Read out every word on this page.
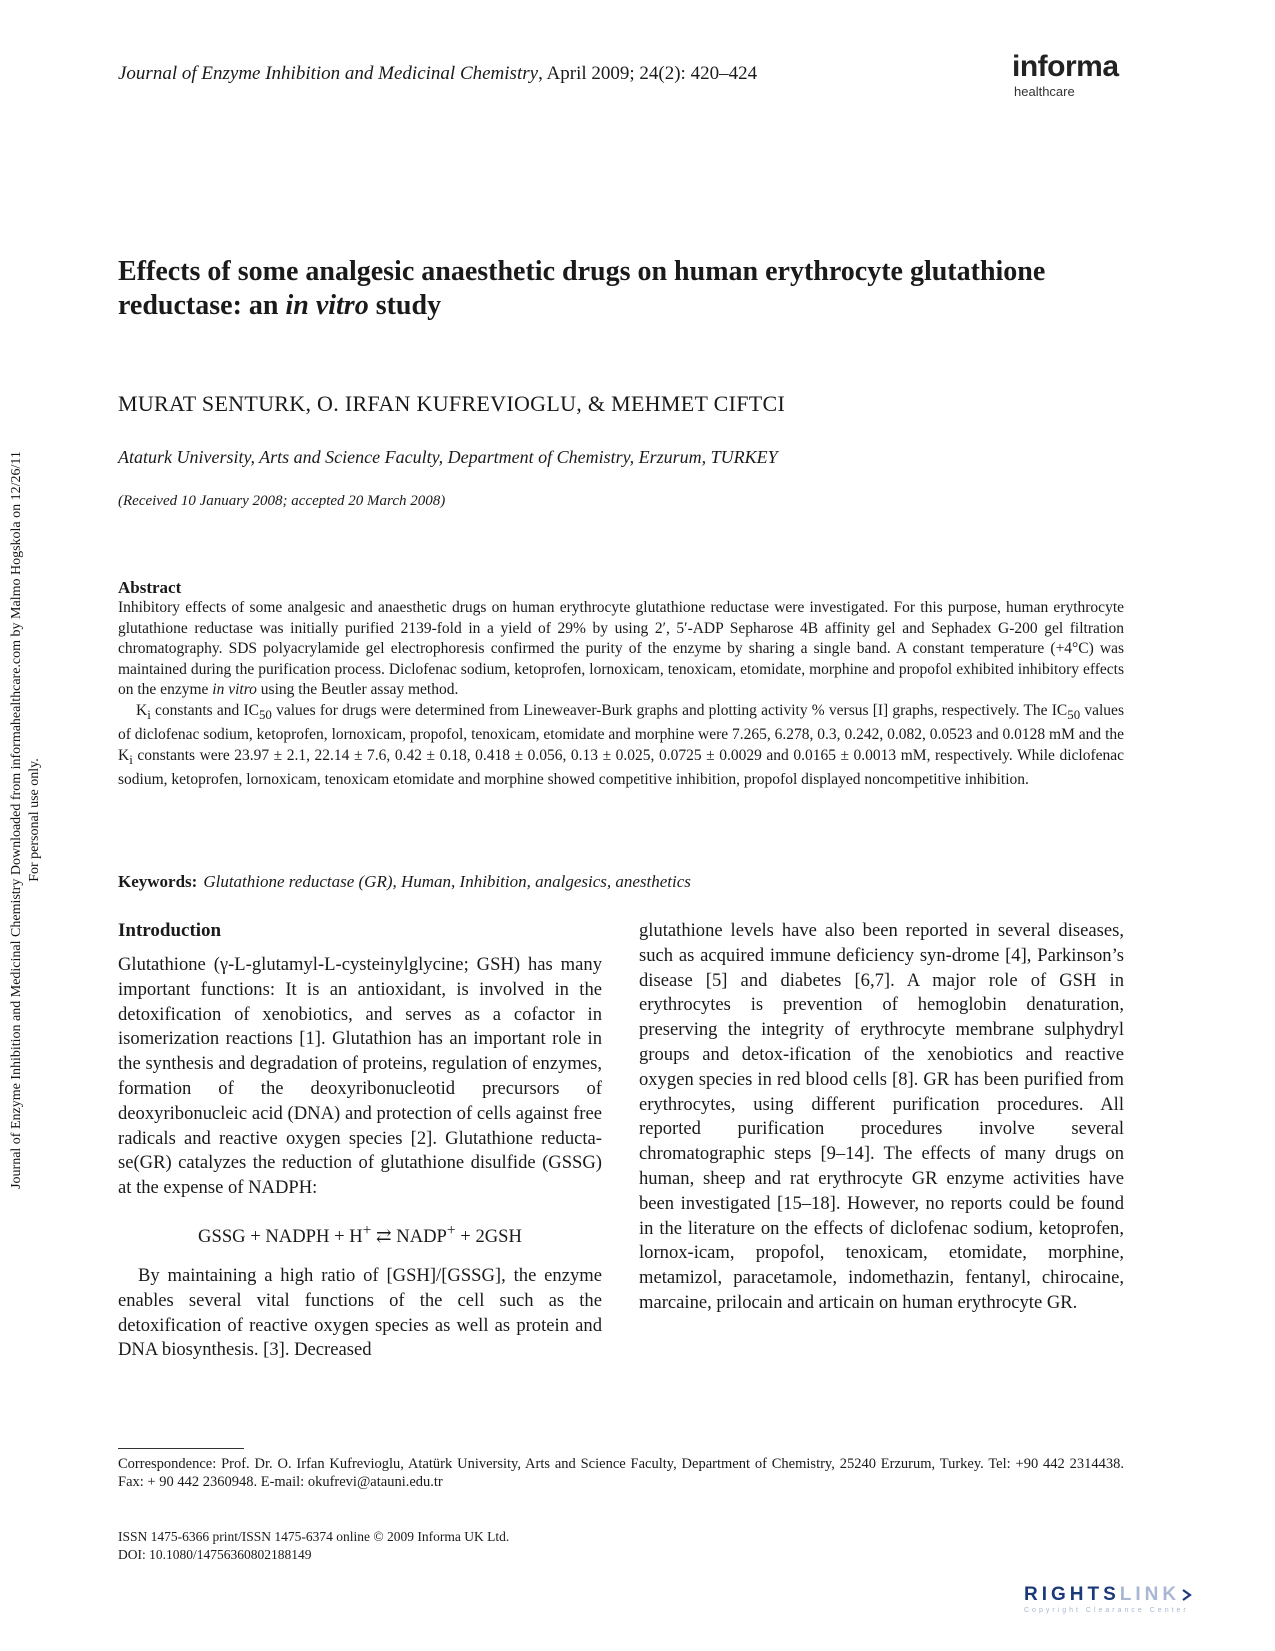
Journal of Enzyme Inhibition and Medicinal Chemistry, April 2009; 24(2): 420–424	informa
healthcare
Journal of Enzyme Inhibition and Medicinal Chemistry Downloaded from informahealthcare.com by Malmo Hogskola on 12/26/11 For personal use only.
Effects of some analgesic anaesthetic drugs on human erythrocyte glutathione reductase: an in vitro study
MURAT SENTURK, O. IRFAN KUFREVIOGLU, & MEHMET CIFTCI
Ataturk University, Arts and Science Faculty, Department of Chemistry, Erzurum, TURKEY
(Received 10 January 2008; accepted 20 March 2008)
Abstract

Inhibitory effects of some analgesic and anaesthetic drugs on human erythrocyte glutathione reductase were investigated. For this purpose, human erythrocyte glutathione reductase was initially purified 2139-fold in a yield of 29% by using 2′, 5′-ADP Sepharose 4B affinity gel and Sephadex G-200 gel filtration chromatography. SDS polyacrylamide gel electrophoresis confirmed the purity of the enzyme by sharing a single band. A constant temperature (+4°C) was maintained during the purification process. Diclofenac sodium, ketoprofen, lornoxicam, tenoxicam, etomidate, morphine and propofol exhibited inhibitory effects on the enzyme in vitro using the Beutler assay method.

$K_i$ constants and $IC_{50}$ values for drugs were determined from Lineweaver-Burk graphs and plotting activity % versus [I] graphs, respectively. The $IC_{50}$ values of diclofenac sodium, ketoprofen, lornoxicam, propofol, tenoxicam, etomidate and morphine were 7.265, 6.278, 0.3, 0.242, 0.082, 0.0523 and 0.0128 mM and the $K_i$ constants were 23.97 ± 2.1, 22.14 ± 7.6, 0.42 ± 0.18, 0.418 ± 0.056, 0.13 ± 0.025, 0.0725 ± 0.0029 and 0.0165 ± 0.0013 mM, respectively. While diclofenac sodium, ketoprofen, lornoxicam, tenoxicam etomidate and morphine showed competitive inhibition, propofol displayed noncompetitive inhibition.

Keywords: Glutathione reductase (GR), Human, Inhibition, analgesics, anesthetics

Introduction

Glutathione (γ-L-glutamyl-L-cysteinylglycine; GSH) has many important functions: It is an antioxidant, is involved in the detoxification of xenobiotics, and serves as a cofactor in isomerization reactions [1]. Glutathion has an important role in the synthesis and degradation of proteins, regulation of enzymes, formation of the deoxyribonucleotid precursors of deoxyribonucleic acid (DNA) and protection of cells against free radicals and reactive oxygen species [2]. Glutathione reducta-se(GR) catalyzes the reduction of glutathione disulfide (GSSG) at the expense of NADPH:

GSSG + NADPH + H+ ⇄ NADP+ + 2GSH

By maintaining a high ratio of [GSH]/[GSSG], the enzyme enables several vital functions of the cell such as the detoxification of reactive oxygen species as well as protein and DNA biosynthesis. [3]. Decreased

glutathione levels have also been reported in several diseases, such as acquired immune deficiency syn-drome [4], Parkinson’s disease [5] and diabetes [6,7]. A major role of GSH in erythrocytes is prevention of hemoglobin denaturation, preserving the integrity of erythrocyte membrane sulphydryl groups and detox-ification of the xenobiotics and reactive oxygen species in red blood cells [8]. GR has been purified from erythrocytes, using different purification procedures. All reported purification procedures involve several chromatographic steps [9–14]. The effects of many drugs on human, sheep and rat erythrocyte GR enzyme activities have been investigated [15–18]. However, no reports could be found in the literature on the effects of diclofenac sodium, ketoprofen, lornox-icam, propofol, tenoxicam, etomidate, morphine, metamizol, paracetamole, indomethazin, fentanyl, chirocaine, marcaine, prilocain and articain on human erythrocyte GR.

Correspondence: Prof. Dr. O. Irfan Kufrevioglu, Atatürk University, Arts and Science Faculty, Department of Chemistry, 25240 Erzurum, Turkey. Tel: +90 442 2314438. Fax: + 90 442 2360948. E-mail: okufrevi@atauni.edu.tr
ISSN 1475-6366 print/ISSN 1475-6374 online © 2009 Informa UK Ltd.
DOI: 10.1080/14756360802188149
RIGHTSLINK
Copyright Clearance Center
